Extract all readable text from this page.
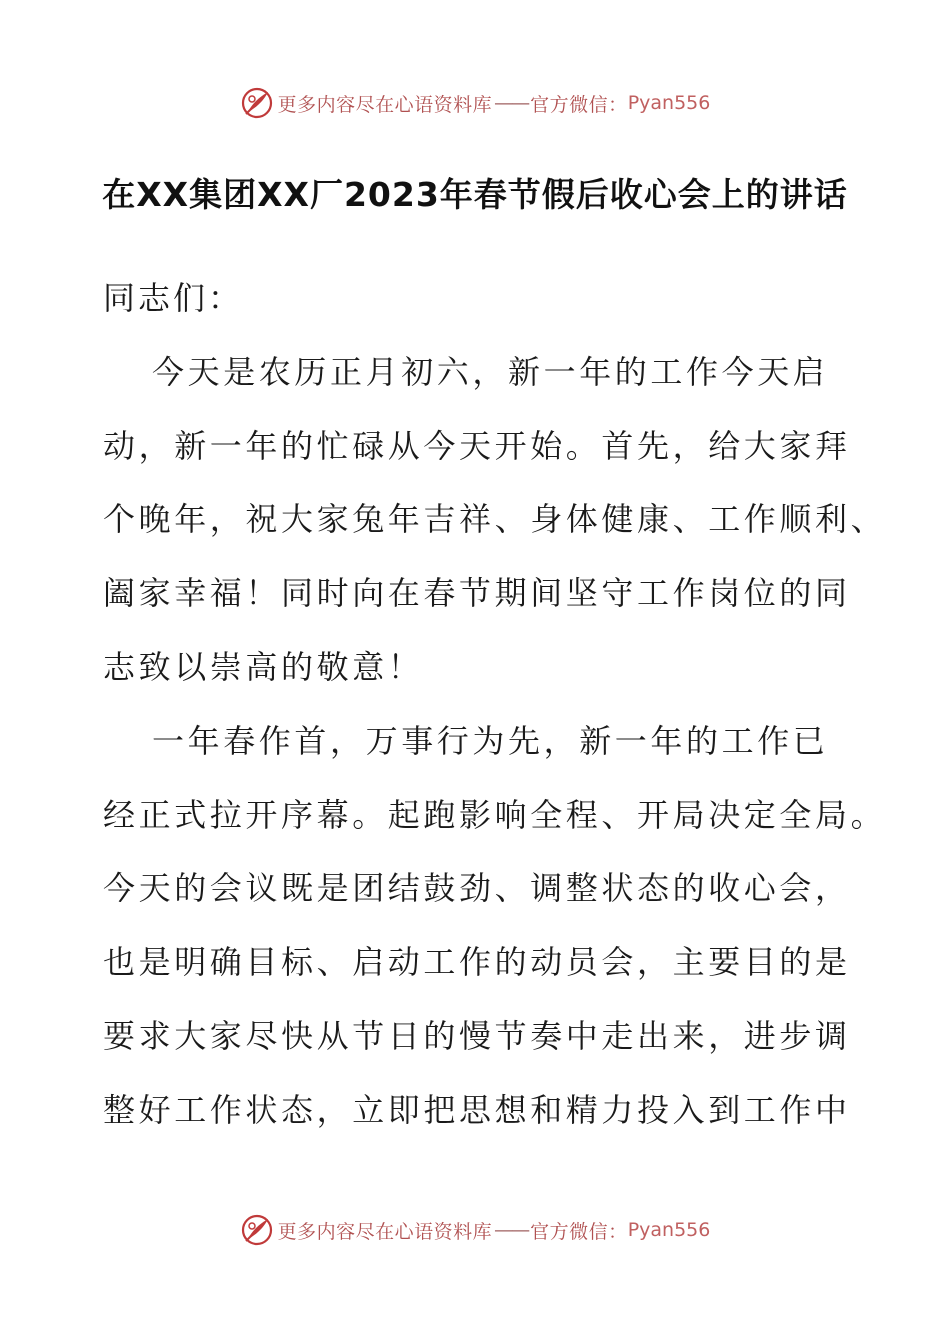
更多内容尽在心语资料库 —— 官方微信： Pyan556
在XX集团XX厂2023年春节假后收心会上的讲话
同志们：
今天是农历正月初六，新一年的工作今天启
动，新一年的忙碌从今天开始。首先，给大家拜
个晚年，祝大家兔年吉祥、身体健康、工作顺利、
阖家幸福！同时向在春节期间坚守工作岗位的同
志致以崇高的敬意！
一年春作首，万事行为先，新一年的工作已
经正式拉开序幕。起跑影响全程、开局决定全局。
今天的会议既是团结鼓劲、调整状态的收心会，
也是明确目标、启动工作的动员会，主要目的是
要求大家尽快从节日的慢节奏中走出来，进步调
整好工作状态，立即把思想和精力投入到工作中
更多内容尽在心语资料库 —— 官方微信： Pyan556
